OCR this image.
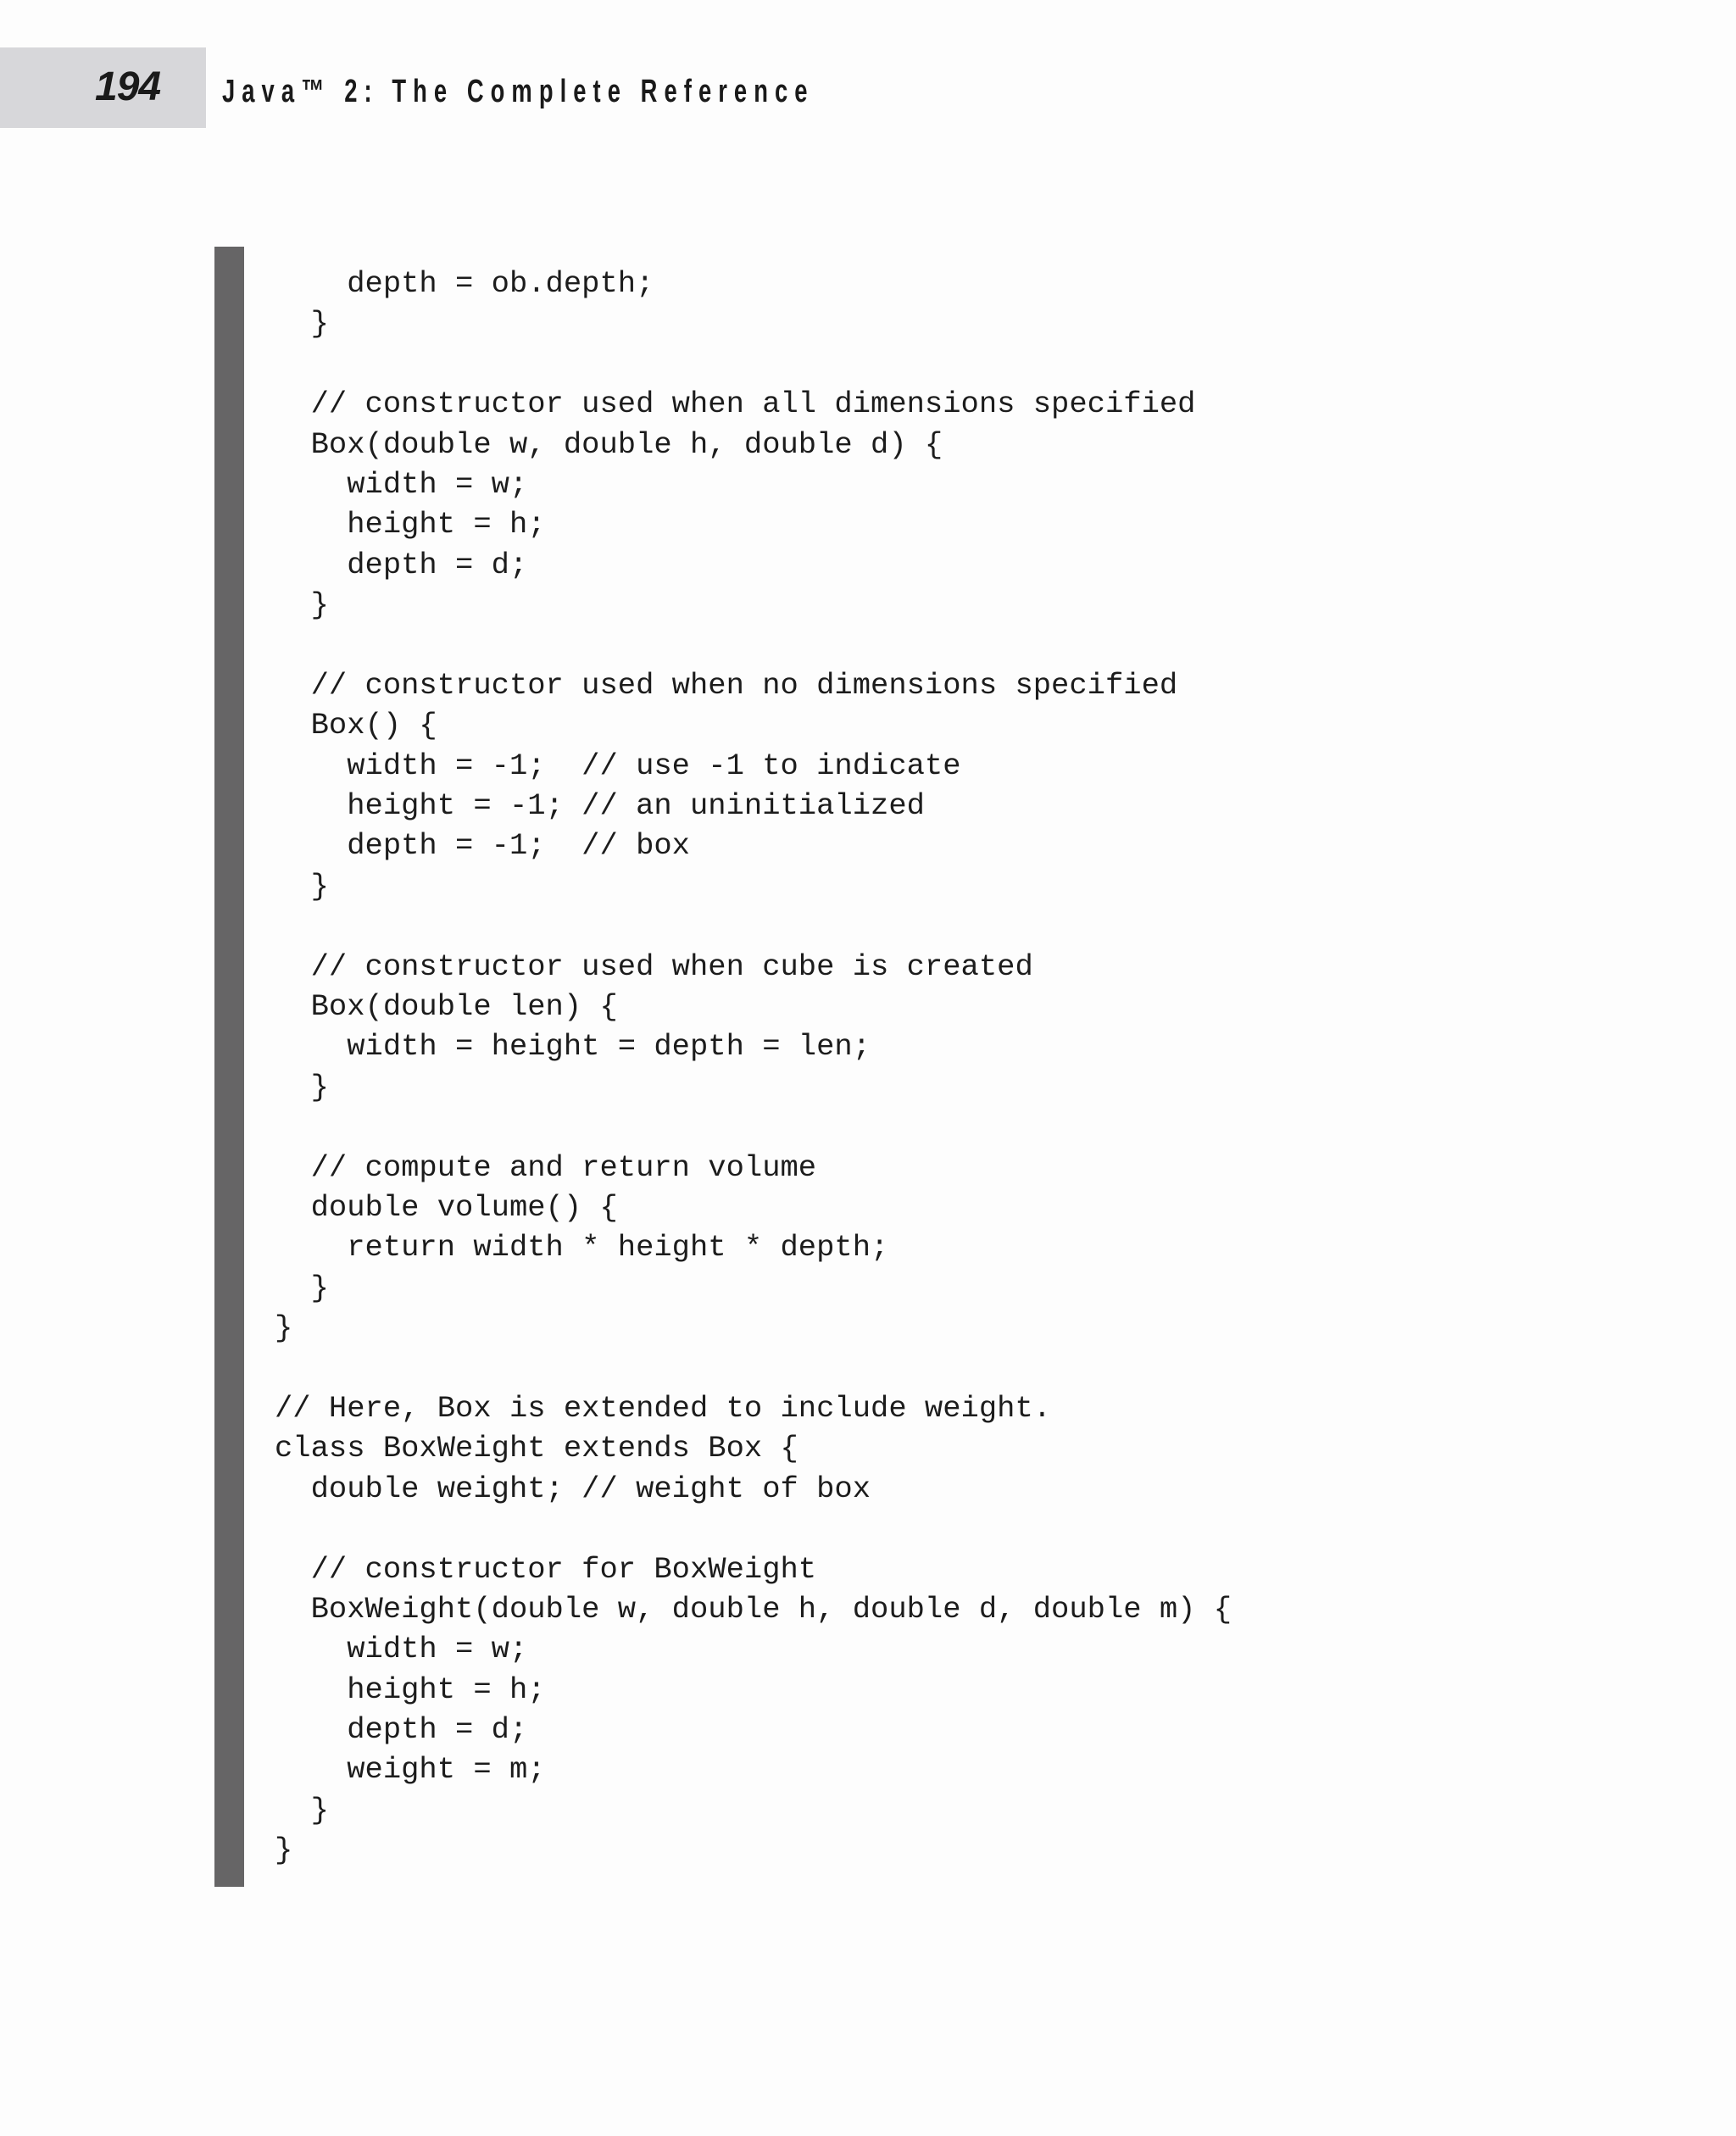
194 Java™ 2: The Complete Reference
depth = ob.depth;
}
// constructor used when all dimensions specified
Box(double w, double h, double d) {
width = w;
height = h;
depth = d;
}
// constructor used when no dimensions specified
Box() {
width = -1;  // use -1 to indicate
height = -1; // an uninitialized
depth = -1;  // box
}
// constructor used when cube is created
Box(double len) {
width = height = depth = len;
}
// compute and return volume
double volume() {
return width * height * depth;
}
}
// Here, Box is extended to include weight.
class BoxWeight extends Box {
double weight; // weight of box
// constructor for BoxWeight
BoxWeight(double w, double h, double d, double m) {
width = w;
height = h;
depth = d;
weight = m;
}
}
